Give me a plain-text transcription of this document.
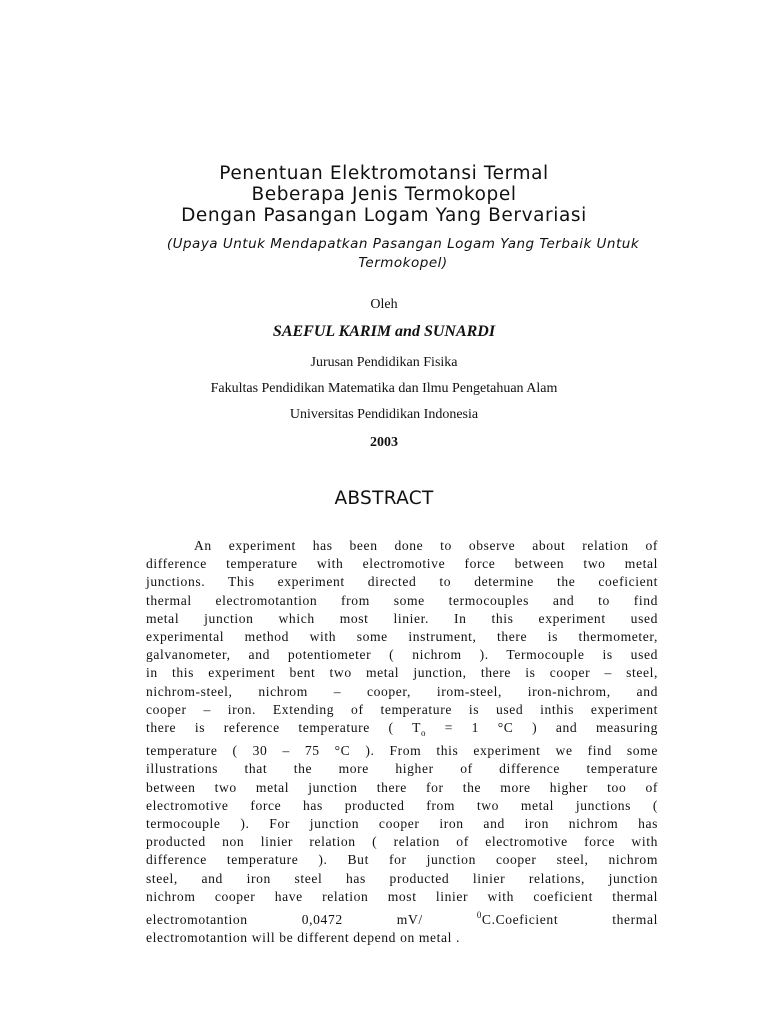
Penentuan Elektromotansi Termal
Beberapa Jenis Termokopel
Dengan Pasangan Logam Yang Bervariasi
(Upaya Untuk Mendapatkan Pasangan Logam Yang Terbaik Untuk
Termokopel)
Oleh
SAEFUL KARIM and SUNARDI
Jurusan Pendidikan Fisika
Fakultas Pendidikan Matematika dan Ilmu Pengetahuan Alam
Universitas Pendidikan Indonesia
2003
ABSTRACT
An experiment has been done to observe about relation of
difference temperature with electromotive force between two metal
junctions. This experiment directed to determine the coeficient
thermal electromotantion from some termocouples and to find
metal junction which most linier. In this experiment used
experimental method with some instrument, there is thermometer,
galvanometer, and potentiometer ( nichrom ). Termocouple is used
in this experiment bent two metal junction, there is cooper – steel,
nichrom-steel, nichrom – cooper, irom-steel, iron-nichrom, and
cooper – iron. Extending of temperature is used inthis experiment
there is reference temperature ( $T_o = 1$ °C ) and measuring
temperature ( 30 – 75 °C ). From this experiment we find some
illustrations that the more higher of difference temperature
between two metal junction there for the more higher too of
electromotive force has producted from two metal junctions (
termocouple ). For junction cooper iron and iron nichrom has
producted non linier relation ( relation of electromotive force with
difference temperature ). But for junction cooper steel, nichrom
steel, and iron steel has producted linier relations, junction
nichrom cooper have relation most linier with coeficient thermal
electromotantion 0,0472 mV/ $^0$C.Coeficient thermal
electromotantion will be different depend on metal .
